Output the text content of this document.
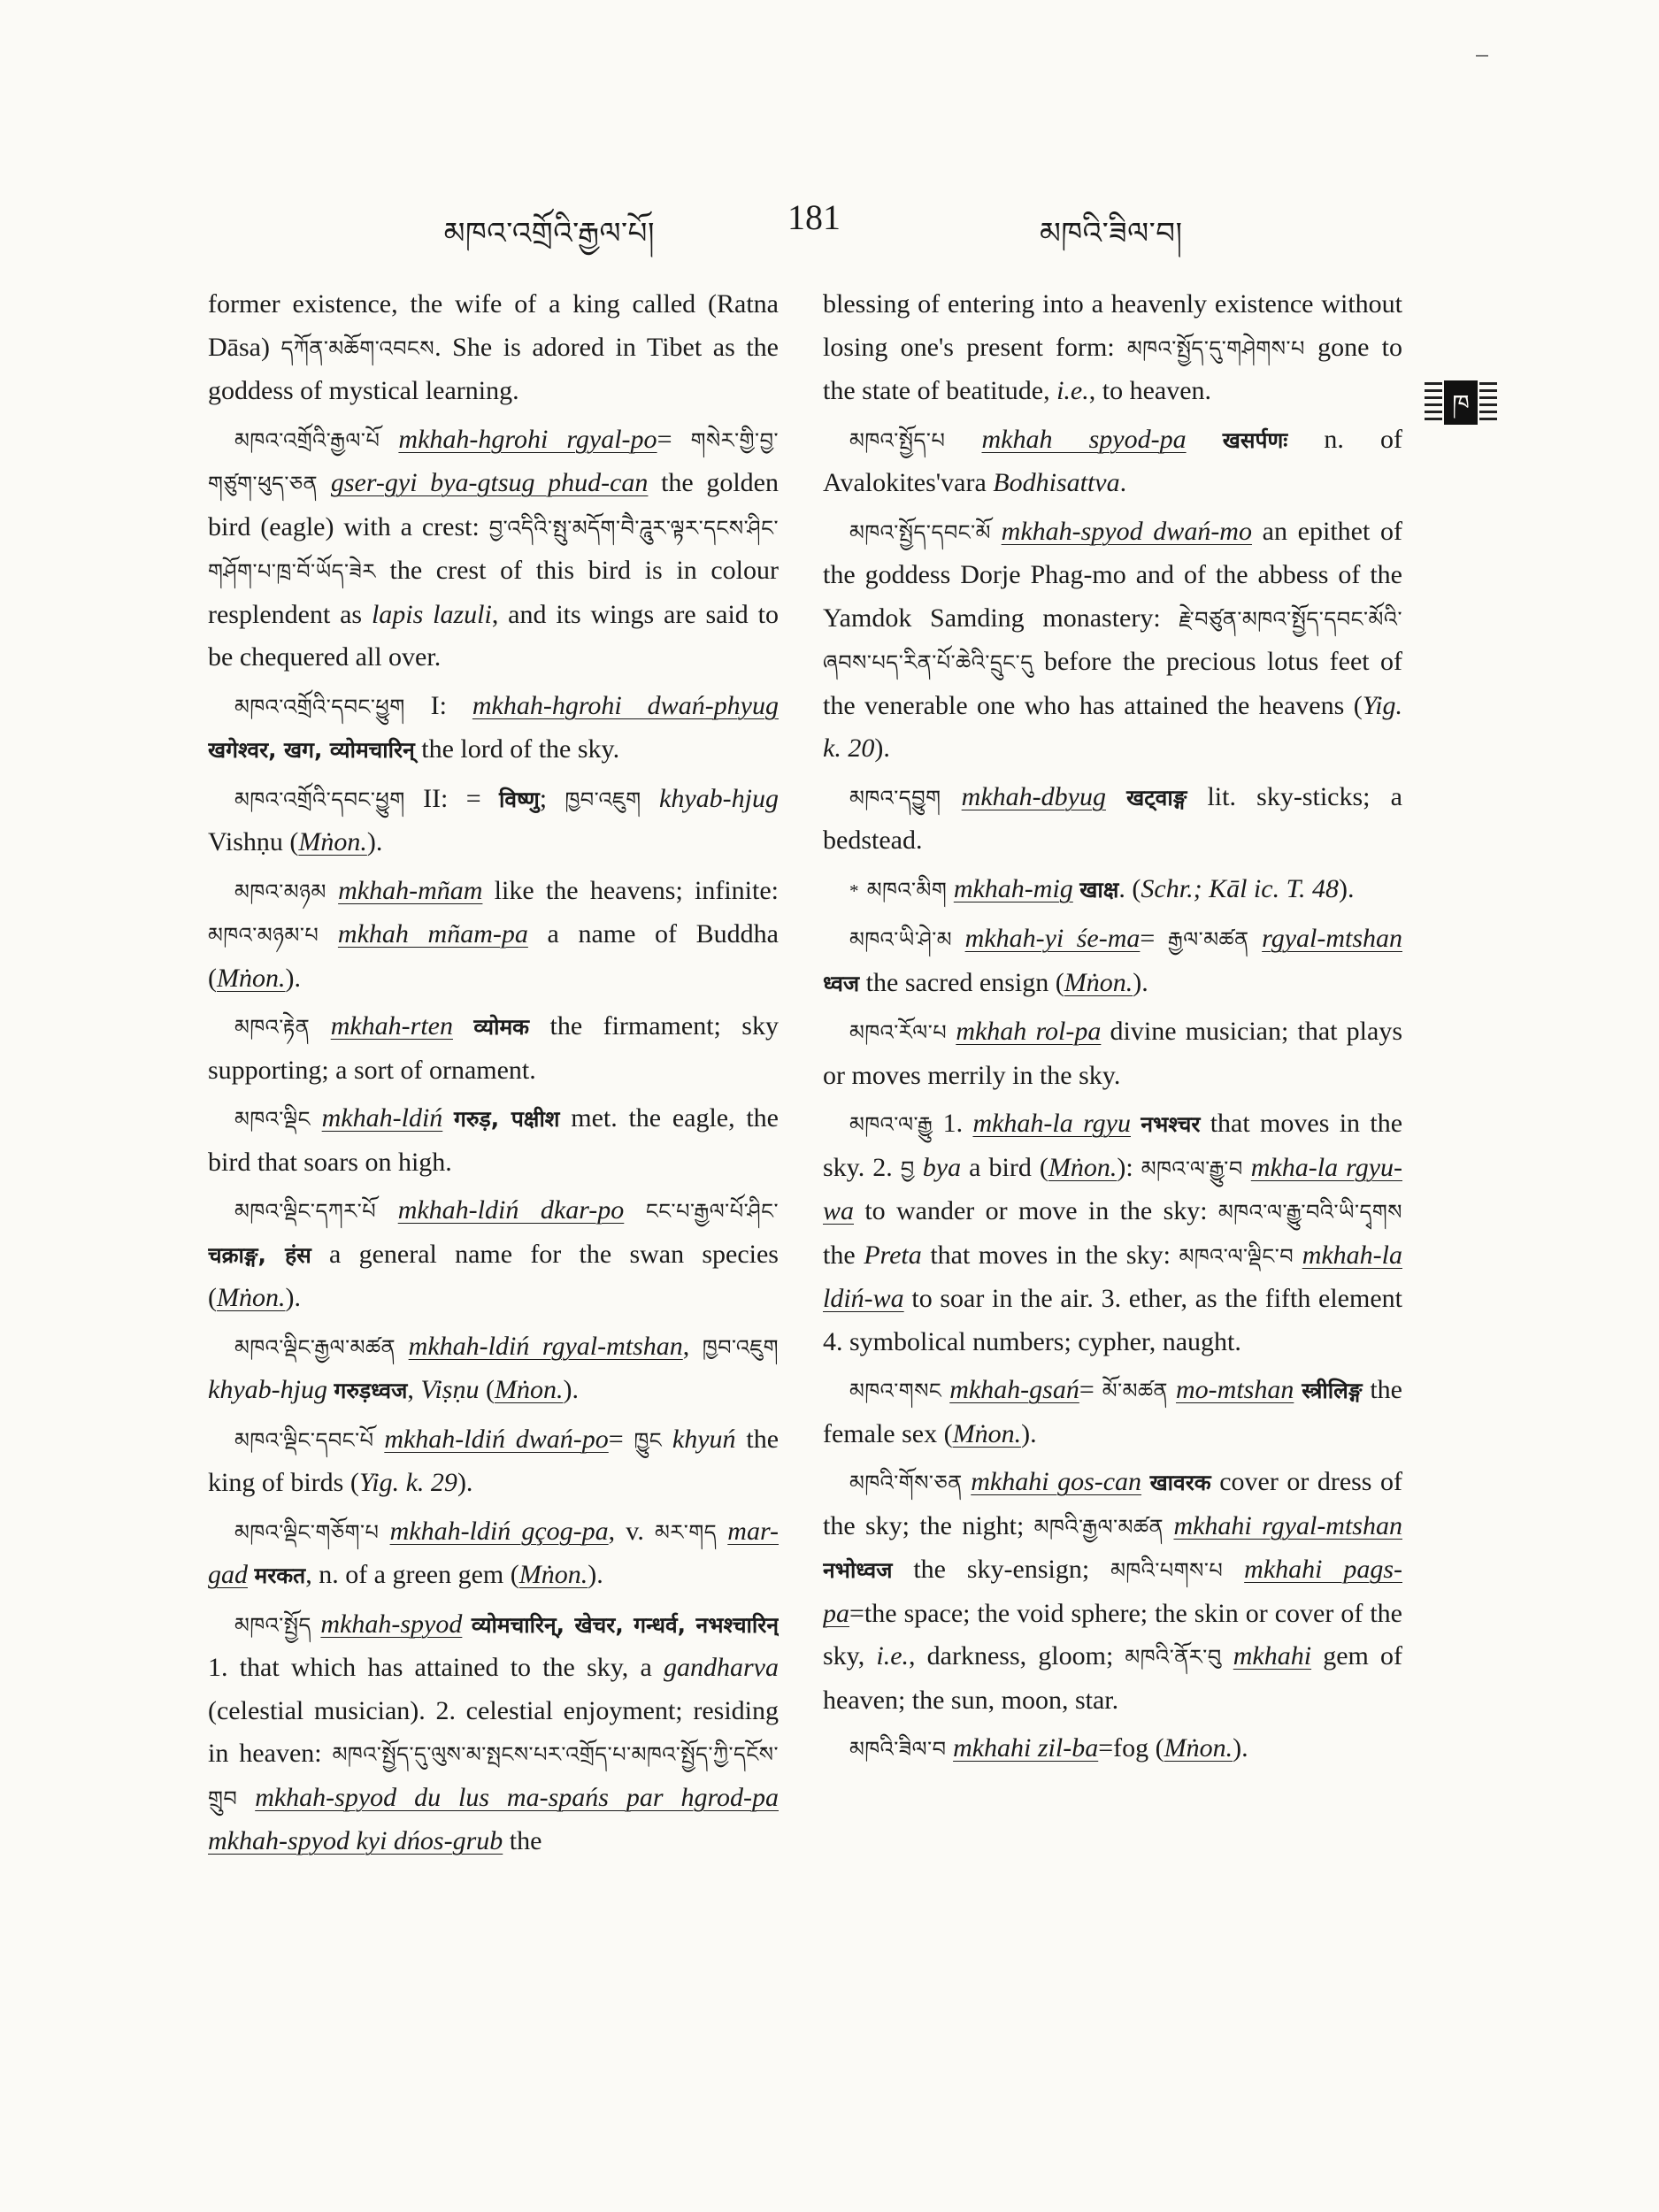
མཁའ་འགྲོའི་རྒྱལ་པོ།	181	མཁའི་ཟིལ་བ།
ཁ

former existence, the wife of a king called (Ratna Dāsa) དཀོན་མཆོག་འབངས. She is adored in Tibet as the goddess of mystical learning.

མཁའ་འགྲོའི་རྒྱལ་པོ mkhah-hgrohi rgyal-po= གསེར་གྱི་བྱ་གཙུག་ཕུད་ཅན gser-gyi bya-gtsug phud-can the golden bird (eagle) with a crest: བྱ་འདིའི་སྤུ་མདོག་བཻ་ཌཱུར་ལྟར་དངས་ཤིང་གཤོག་པ་ཁྲ་བོ་ཡོད་ཟེར the crest of this bird is in colour resplendent as lapis lazuli, and its wings are said to be chequered all over.

མཁའ་འགྲོའི་དབང་ཕྱུག I: mkhah-hgrohi dwań-phyug खगेश्वर, खग, व्योमचारिन् the lord of the sky.

མཁའ་འགྲོའི་དབང་ཕྱུག II: = विष्णु; ཁྱབ་འཇུག khyab-hjug Vishṇu (Mṅon.).

མཁའ་མཉམ mkhah-mñam like the heavens; infinite: མཁའ་མཉམ་པ mkhah mñam-pa a name of Buddha (Mṅon.).

མཁའ་རྟེན mkhah-rten व्योमक the firmament; sky supporting; a sort of ornament.

མཁའ་ལྡིང mkhah-ldiń गरुड़, पक्षीश met. the eagle, the bird that soars on high.

མཁའ་ལྡིང་དཀར་པོ mkhah-ldiń dkar-po ངང་པ་རྒྱལ་པོ་ཤིང་ चक्राङ्ग, हंस a general name for the swan species (Mṅon.).

མཁའ་ལྡིང་རྒྱལ་མཚན mkhah-ldiń rgyal-mtshan, ཁྱབ་འཇུག khyab-hjug गरुड़ध्वज, Viṣṇu (Mṅon.).

མཁའ་ལྡིང་དབང་པོ mkhah-ldiń dwań-po= ཁྱུང khyuń the king of birds (Yig. k. 29).

མཁའ་ལྡིང་གཅོག་པ mkhah-ldiń gçog-pa, v. མར་གད mar-gad मरकत, n. of a green gem (Mṅon.).

མཁའ་སྤྱོད mkhah-spyod व्योमचारिन्, खेचर, गन्धर्व, नभश्चारिन् 1. that which has attained to the sky, a gandharva (celestial musician). 2. celestial enjoyment; residing in heaven: མཁའ་སྤྱོད་དུ་ལུས་མ་སྤངས་པར་འགྲོད་པ་མཁའ་སྤྱོད་ཀྱི་དངོས་གྲུབ mkhah-spyod du lus ma-spańs par hgrod-pa mkhah-spyod kyi dńos-grub the

blessing of entering into a heavenly existence without losing one's present form: མཁའ་སྤྱོད་དུ་གཤེགས་པ gone to the state of beatitude, i.e., to heaven.

མཁའ་སྤྱོད་པ mkhah spyod-pa खसर्पणः n. of Avalokites'vara Bodhisattva.

མཁའ་སྤྱོད་དབང་མོ mkhah-spyod dwań-mo an epithet of the goddess Dorje Phag-mo and of the abbess of the Yamdok Samding monastery: རྗེ་བཙུན་མཁའ་སྤྱོད་དབང་མོའི་ཞབས་པད་རིན་པོ་ཆེའི་དྲུང་དུ before the precious lotus feet of the venerable one who has attained the heavens (Yig. k. 20).

མཁའ་དབྱུག mkhah-dbyug खट्वाङ्ग lit. sky-sticks; a bedstead.

* མཁའ་མིག mkhah-mig खाक्ष. (Schr.; Kāl ic. T. 48).

མཁའ་ཡི་ཤེ་མ mkhah-yi śe-ma= རྒྱལ་མཚན rgyal-mtshan ध्वज the sacred ensign (Mṅon.).

མཁའ་རོལ་པ mkhah rol-pa divine musician; that plays or moves merrily in the sky.

མཁའ་ལ་རྒྱུ 1. mkhah-la rgyu नभश्चर that moves in the sky. 2. བྱ bya a bird (Mṅon.): མཁའ་ལ་རྒྱུ་བ mkha-la rgyu-wa to wander or move in the sky: མཁའ་ལ་རྒྱུ་བའི་ཡི་དྭགས the Preta that moves in the sky: མཁའ་ལ་ལྡིང་བ mkhah-la ldiń-wa to soar in the air. 3. ether, as the fifth element 4. symbolical numbers; cypher, naught.

མཁའ་གསང mkhah-gsań= མོ་མཚན mo-mtshan स्त्रीलिङ्ग the female sex (Mṅon.).

མཁའི་གོས་ཅན mkhahi gos-can खावरक cover or dress of the sky; the night; མཁའི་རྒྱལ་མཚན mkhahi rgyal-mtshan नभोध्वज the sky-ensign; མཁའི་པགས་པ mkhahi pags-pa=the space; the void sphere; the skin or cover of the sky, i.e., darkness, gloom; མཁའི་ནོར་བུ mkhahi gem of heaven; the sun, moon, star.

མཁའི་ཟིལ་བ mkhahi zil-ba=fog (Mṅon.).
